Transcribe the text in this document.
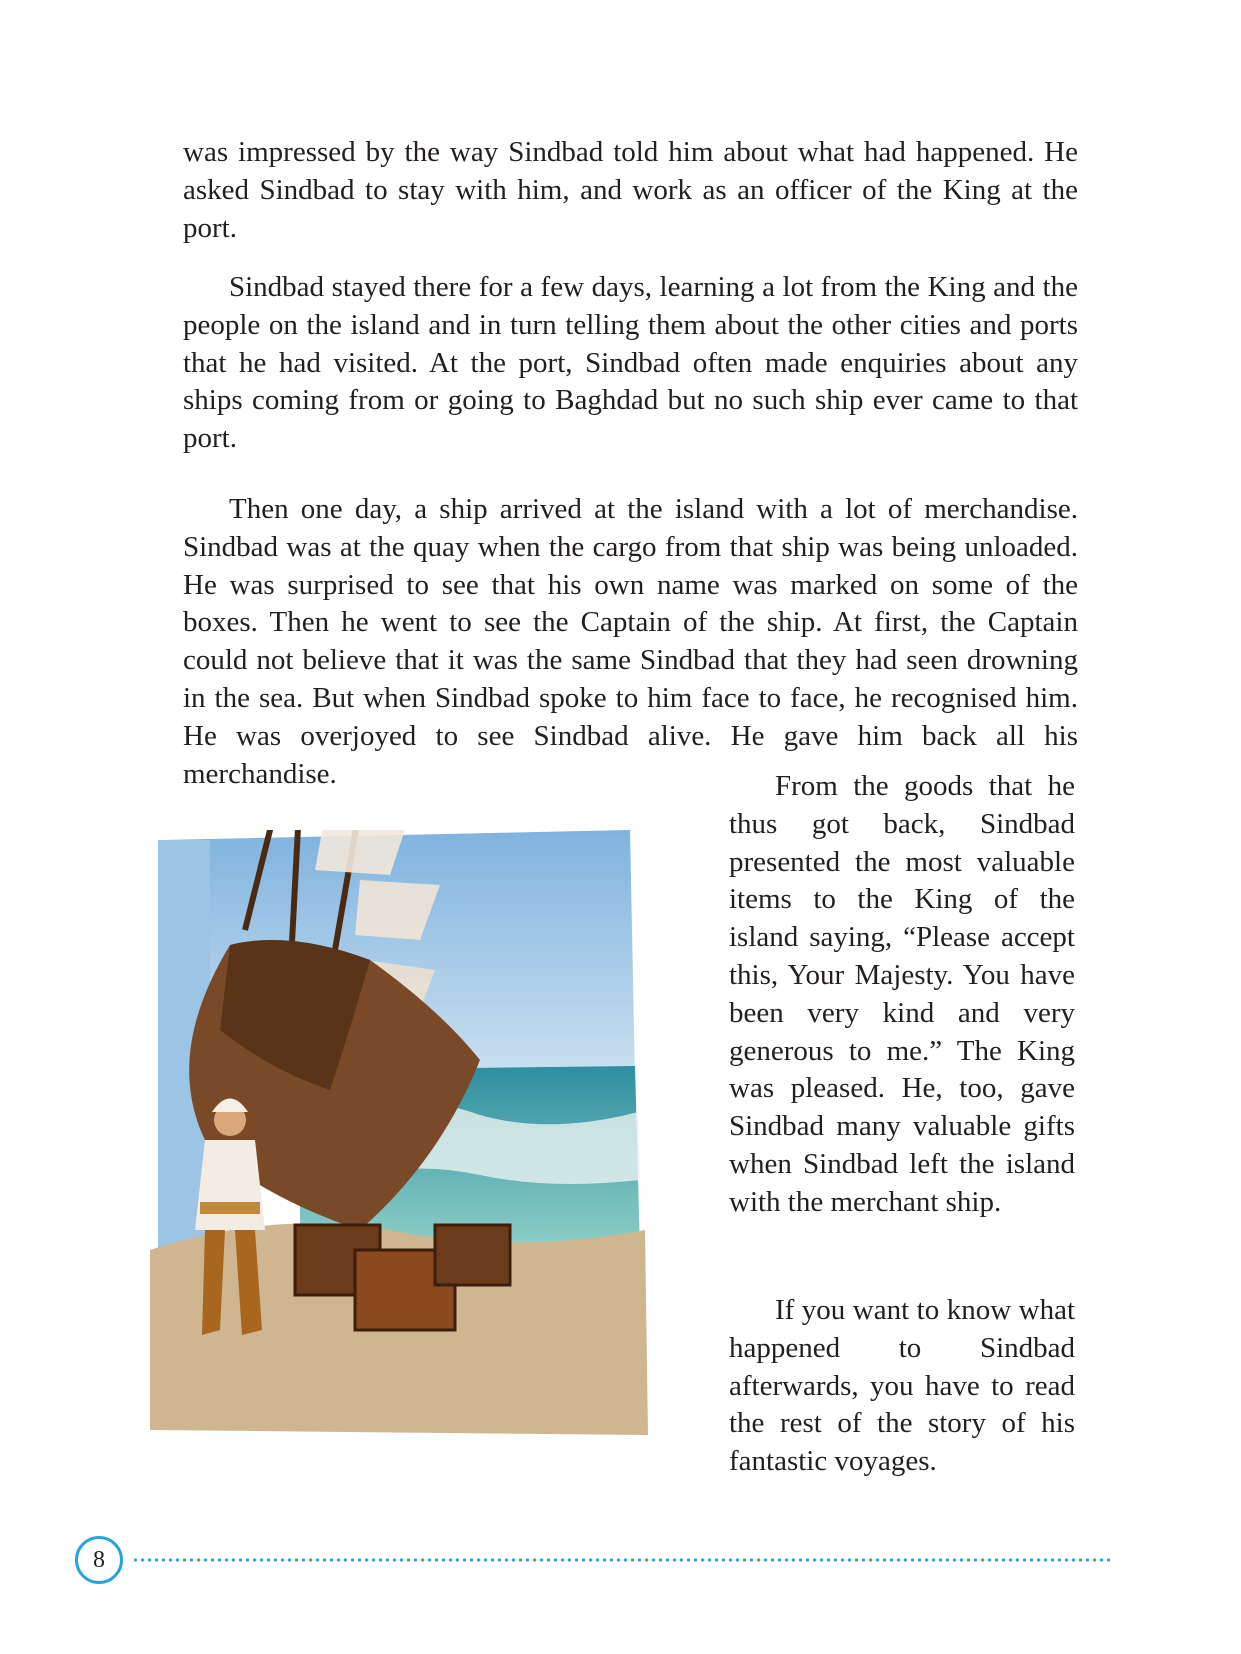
was impressed by the way Sindbad told him about what had happened. He asked Sindbad to stay with him, and work as an officer of the King at the port.

Sindbad stayed there for a few days, learning a lot from the King and the people on the island and in turn telling them about the other cities and ports that he had visited. At the port, Sindbad often made enquiries about any ships coming from or going to Baghdad but no such ship ever came to that port.

Then one day, a ship arrived at the island with a lot of merchandise. Sindbad was at the quay when the cargo from that ship was being unloaded. He was surprised to see that his own name was marked on some of the boxes. Then he went to see the Captain of the ship. At first, the Captain could not believe that it was the same Sindbad that they had seen drowning in the sea. But when Sindbad spoke to him face to face, he recognised him. He was overjoyed to see Sindbad alive. He gave him back all his merchandise.	From the goods that he thus got back, Sindbad presented the most valuable items to the King of the island saying, “Please accept this, Your Majesty. You have been very kind and very generous to me.” The King was pleased. He, too, gave Sindbad many valuable gifts when Sindbad left the island with the merchant ship.

If you want to know what happened to Sindbad afterwards, you have to read the rest of the story of his fantastic voyages.

8
